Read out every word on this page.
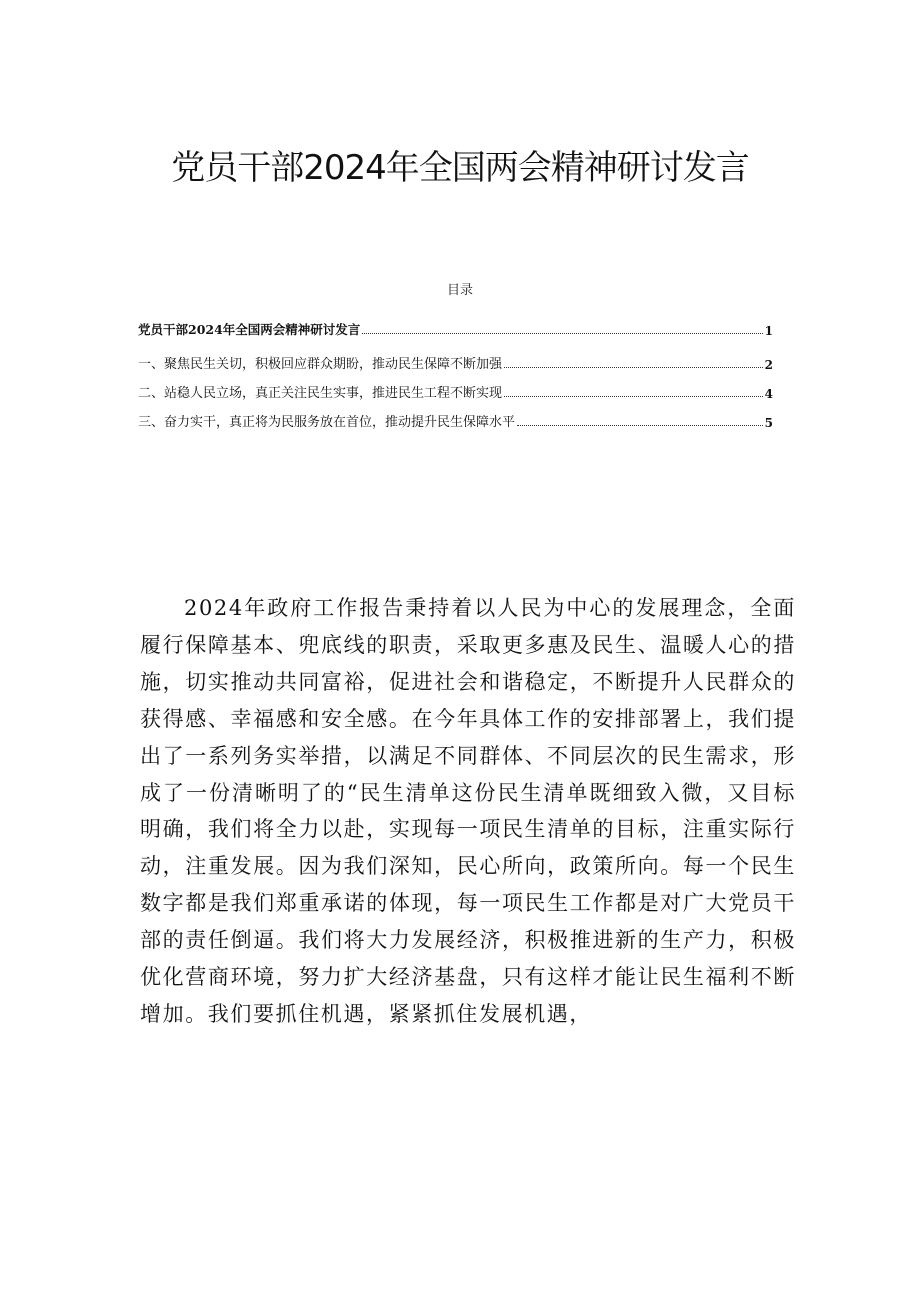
党员干部2024年全国两会精神研讨发言
目录
党员干部2024年全国两会精神研讨发言	1
一、聚焦民生关切，积极回应群众期盼，推动民生保障不断加强	2
二、站稳人民立场，真正关注民生实事，推进民生工程不断实现	4
三、奋力实干，真正将为民服务放在首位，推动提升民生保障水平	5
2024年政府工作报告秉持着以人民为中心的发展理念，全面履行保障基本、兜底线的职责，采取更多惠及民生、温暖人心的措施，切实推动共同富裕，促进社会和谐稳定，不断提升人民群众的获得感、幸福感和安全感。在今年具体工作的安排部署上，我们提出了一系列务实举措，以满足不同群体、不同层次的民生需求，形成了一份清晰明了的“民生清单这份民生清单既细致入微，又目标明确，我们将全力以赴，实现每一项民生清单的目标，注重实际行动，注重发展。因为我们深知，民心所向，政策所向。每一个民生数字都是我们郑重承诺的体现，每一项民生工作都是对广大党员干部的责任倒逼。我们将大力发展经济，积极推进新的生产力，积极优化营商环境，努力扩大经济基盘，只有这样才能让民生福利不断增加。我们要抓住机遇，紧紧抓住发展机遇，
